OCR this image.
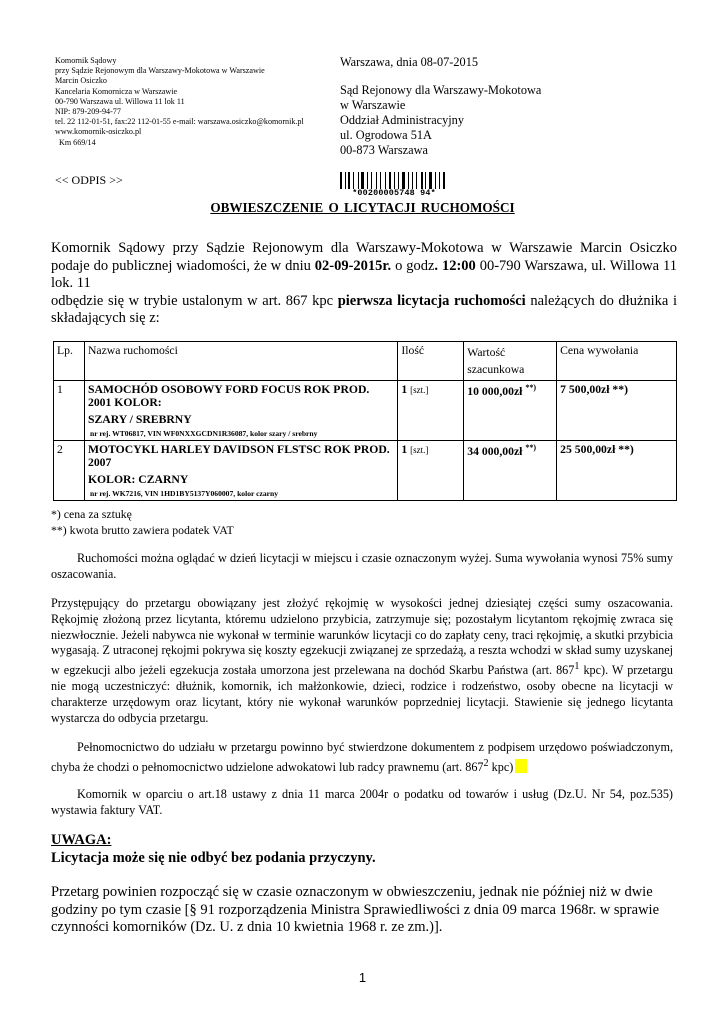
Komornik Sądowy
przy Sądzie Rejonowym dla Warszawy-Mokotowa w Warszawie
Marcin Osiczko
Kancelaria Komornicza w Warszawie
00-790 Warszawa ul. Willowa 11 lok 11
NIP: 879-209-94-77
tel. 22 112-01-51, fax:22 112-01-55 e-mail: warszawa.osiczko@komornik.pl
www.komornik-osiczko.pl
Km 669/14
Warszawa, dnia 08-07-2015
Sąd Rejonowy dla Warszawy-Mokotowa
w Warszawie
Oddział Administracyjny
ul. Ogrodowa 51A
00-873 Warszawa
<< ODPIS >>
*00200005748 94*
OBWIESZCZENIE O LICYTACJI RUCHOMOŚCI

Komornik Sądowy przy Sądzie Rejonowym dla Warszawy-Mokotowa w Warszawie Marcin Osiczko podaje do publicznej wiadomości, że w dniu 02-09-2015r. o godz. 12:00 00-790 Warszawa, ul. Willowa 11 lok. 11

odbędzie się w trybie ustalonym w art. 867 kpc pierwsza licytacja ruchomości należących do dłużnika i składających się z:

Lp.	Nazwa ruchomości	Ilość	Wartość szacunkowa	Cena wywołania
1	SAMOCHÓD OSOBOWY FORD FOCUS ROK PROD. 2001 KOLOR:
SZARY / SREBRNY
nr rej. WT06817, VIN WF0NXXGCDN1R36087, kolor szary / srebrny	1 [szt.]	10 000,00zł **)	7 500,00zł **)
2	MOTOCYKL HARLEY DAVIDSON FLSTSC ROK PROD. 2007
KOLOR: CZARNY
nr rej. WK7216, VIN 1HD1BY5137Y060007, kolor czarny	1 [szt.]	34 000,00zł **)	25 500,00zł **)
*) cena za sztukę
**) kwota brutto zawiera podatek VAT

Ruchomości można oglądać w dzień licytacji w miejscu i czasie oznaczonym wyżej. Suma wywołania wynosi 75% sumy oszacowania.

Przystępujący do przetargu obowiązany jest złożyć rękojmię w wysokości jednej dziesiątej części sumy oszacowania. Rękojmię złożoną przez licytanta, któremu udzielono przybicia, zatrzymuje się; pozostałym licytantom rękojmię zwraca się niezwłocznie. Jeżeli nabywca nie wykonał w terminie warunków licytacji co do zapłaty ceny, traci rękojmię, a skutki przybicia wygasają. Z utraconej rękojmi pokrywa się koszty egzekucji związanej ze sprzedażą, a reszta wchodzi w skład sumy uzyskanej w egzekucji albo jeżeli egzekucja została umorzona jest przelewana na dochód Skarbu Państwa (art. $867^1$ kpc). W przetargu nie mogą uczestniczyć: dłużnik, komornik, ich małżonkowie, dzieci, rodzice i rodzeństwo, osoby obecne na licytacji w charakterze urzędowym oraz licytant, który nie wykonał warunków poprzedniej licytacji. Stawienie się jednego licytanta wystarcza do odbycia przetargu.

Pełnomocnictwo do udziału w przetargu powinno być stwierdzone dokumentem z podpisem urzędowo poświadczonym, chyba że chodzi o pełnomocnictwo udzielone adwokatowi lub radcy prawnemu (art. $867^2$ kpc)

Komornik w oparciu o art.18 ustawy z dnia 11 marca 2004r o podatku od towarów i usług (Dz.U. Nr 54, poz.535) wystawia faktury VAT.

UWAGA:
Licytacja może się nie odbyć bez podania przyczyny.
Przetarg powinien rozpocząć się w czasie oznaczonym w obwieszczeniu, jednak nie później niż w dwie godziny po tym czasie [§ 91 rozporządzenia Ministra Sprawiedliwości z dnia 09 marca 1968r. w sprawie czynności komorników (Dz. U. z dnia 10 kwietnia 1968 r. ze zm.)].
1
